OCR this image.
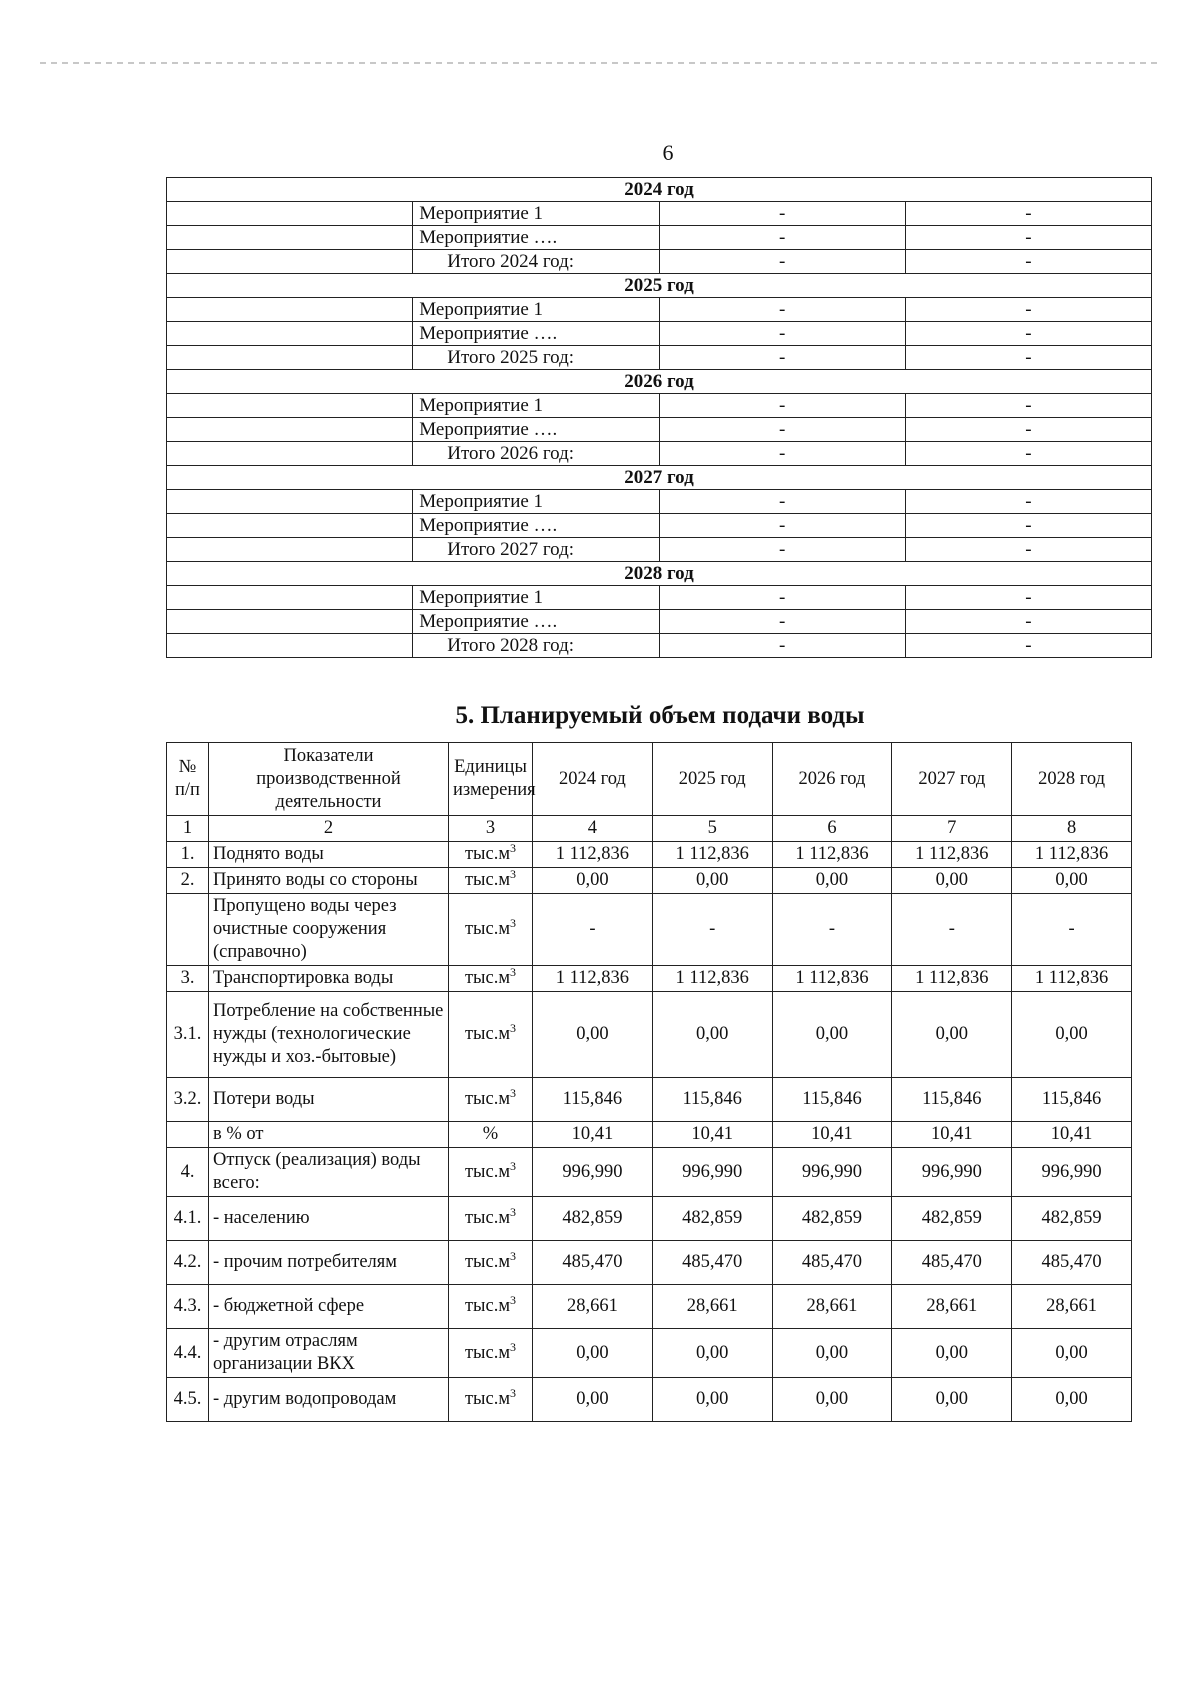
6
2024 год			
	Мероприятие 1	-	-
	Мероприятие ….	-	-
	Итого 2024 год:	-	-
2025 год			
	Мероприятие 1	-	-
	Мероприятие ….	-	-
	Итого 2025 год:	-	-
2026 год			
	Мероприятие 1	-	-
	Мероприятие ….	-	-
	Итого 2026 год:	-	-
2027 год			
	Мероприятие 1	-	-
	Мероприятие ….	-	-
	Итого 2027 год:	-	-
2028 год			
	Мероприятие 1	-	-
	Мероприятие ….	-	-
	Итого 2028 год:	-	-
5. Планируемый объем подачи воды
№ п/п	Показатели производственной деятельности	Единицы измерения	2024 год	2025 год	2026 год	2027 год	2028 год
1	2	3	4	5	6	7	8
1.	Поднято воды	$тыс.м^3$	1 112,836	1 112,836	1 112,836	1 112,836	1 112,836
2.	Принято воды со стороны	$тыс.м^3$	0,00	0,00	0,00	0,00	0,00
	Пропущено воды через очистные сооружения (справочно)	$тыс.м^3$	-	-	-	-	-
3.	Транспортировка воды	$тыс.м^3$	1 112,836	1 112,836	1 112,836	1 112,836	1 112,836
3.1.	Потребление на собственные нужды (технологические нужды и хоз.-бытовые)	$тыс.м^3$	0,00	0,00	0,00	0,00	0,00
3.2.	Потери воды	$тыс.м^3$	115,846	115,846	115,846	115,846	115,846
	в % от	%	10,41	10,41	10,41	10,41	10,41
4.	Отпуск (реализация) воды всего:	$тыс.м^3$	996,990	996,990	996,990	996,990	996,990
4.1.	- населению	$тыс.м^3$	482,859	482,859	482,859	482,859	482,859
4.2.	- прочим потребителям	$тыс.м^3$	485,470	485,470	485,470	485,470	485,470
4.3.	- бюджетной сфере	$тыс.м^3$	28,661	28,661	28,661	28,661	28,661
4.4.	- другим отраслям организации ВКХ	$тыс.м^3$	0,00	0,00	0,00	0,00	0,00
4.5.	- другим водопроводам	$тыс.м^3$	0,00	0,00	0,00	0,00	0,00
